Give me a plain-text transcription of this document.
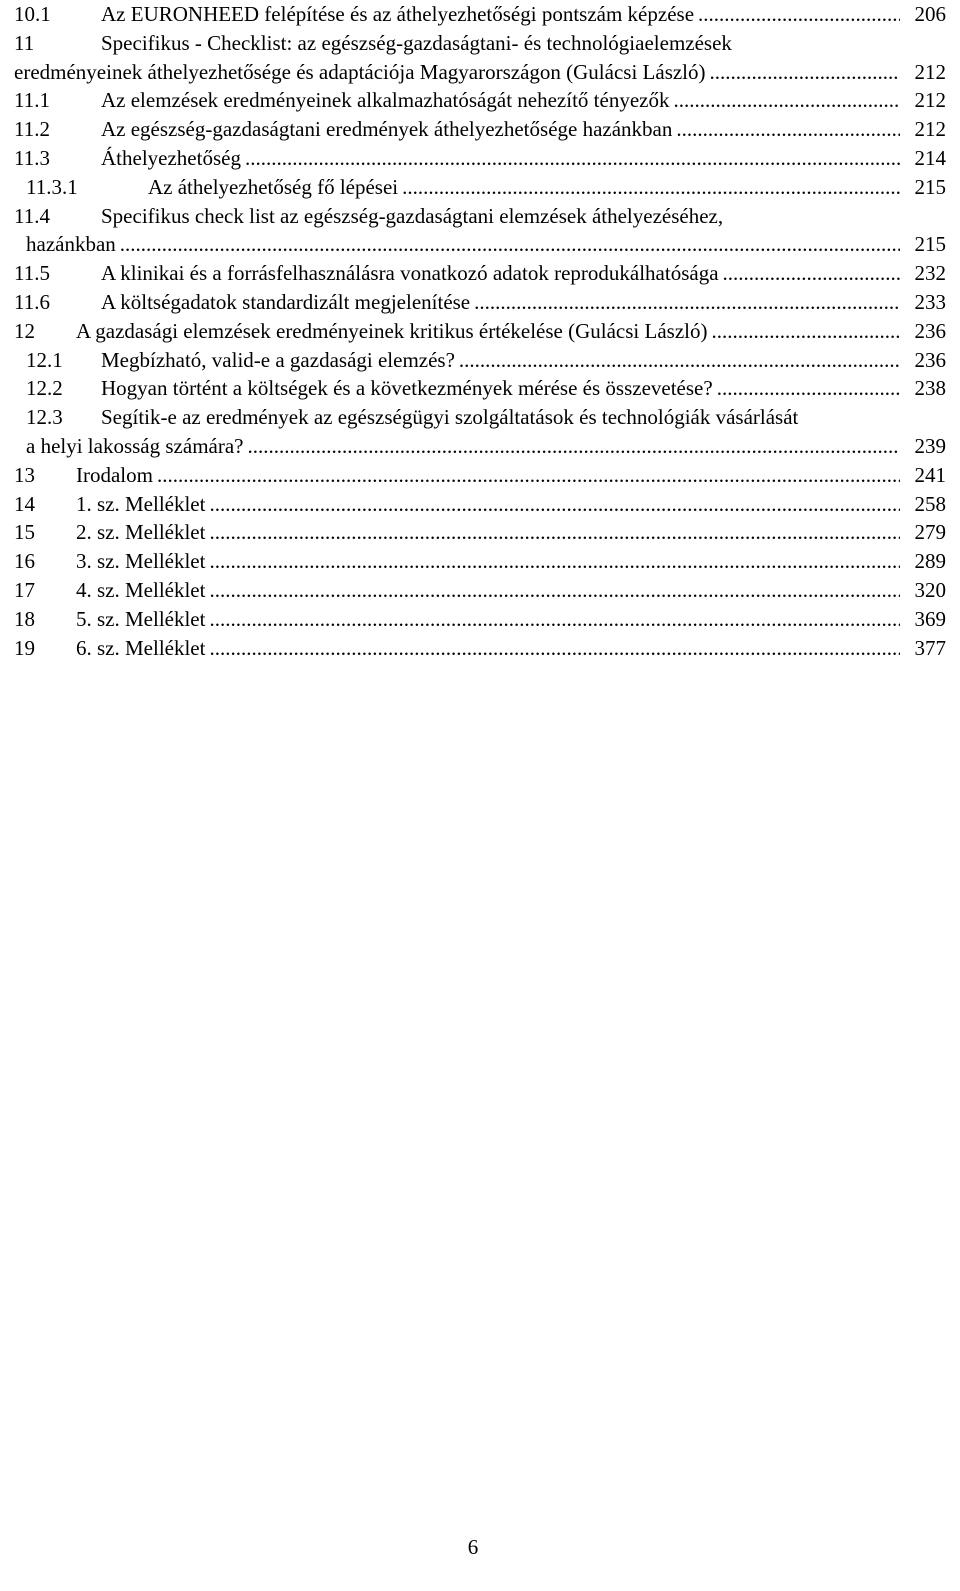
10.1 Az EURONHEED felépítése és az áthelyezhetőségi pontszám képzése .....	206
11	Specifikus - Checklist: az egészség-gazdaságtani- és technológiaelemzések
eredményeinek áthelyezhetősége és adaptációja Magyarországon (Gulácsi László) .....	212
11.1 Az elemzések eredményeinek alkalmazhatóságát nehezítő tényezők .....	212
11.2 Az egészség-gazdaságtani eredmények áthelyezhetősége hazánkban .....	212
11.3 Áthelyezhetőség .....	214
11.3.1	Az áthelyezhetőség fő lépései .....	215
11.4 Specifikus check list az egészség-gazdaságtani elemzések áthelyezéséhez,
hazánkban .....	215
11.5 A klinikai és a forrásfelhasználásra vonatkozó adatok reprodukálhatósága .....	232
11.6 A költségadatok standardizált megjelenítése .....	233
12 A gazdasági elemzések eredményeinek kritikus értékelése (Gulácsi László) .....	236
12.1 Megbízható, valid-e a gazdasági elemzés? .....	236
12.2 Hogyan történt a költségek és a következmények mérése és összevetése? .....	238
12.3 Segítik-e az eredmények az egészségügyi szolgáltatások és technológiák vásárlását
a helyi lakosság számára? .....	239
13 Irodalom .....	241
14 1. sz. Melléklet .....	258
15 2. sz. Melléklet .....	279
16 3. sz. Melléklet .....	289
17 4. sz. Melléklet .....	320
18 5. sz. Melléklet .....	369
19 6. sz. Melléklet .....	377
6
